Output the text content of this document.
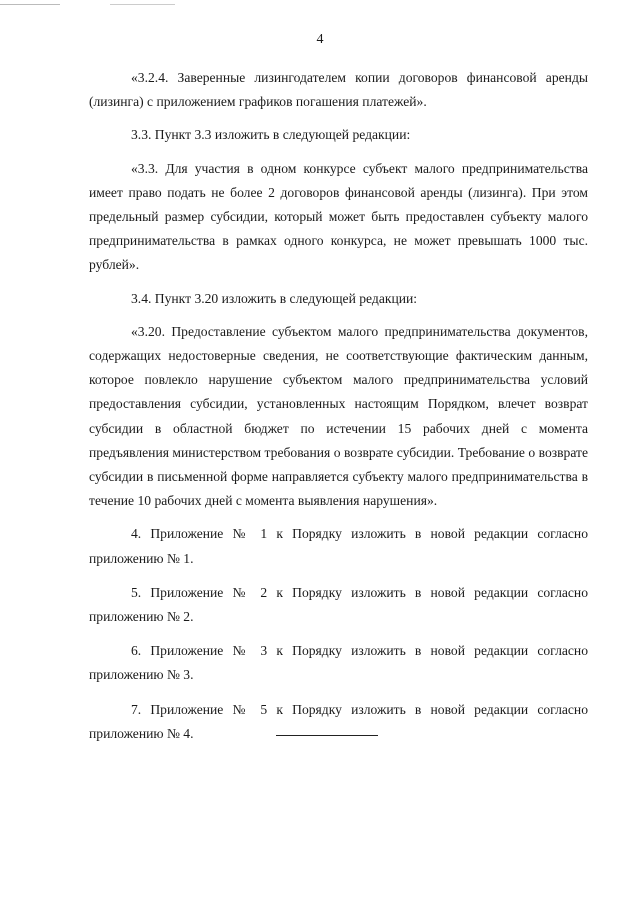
4

«3.2.4. Заверенные лизингодателем копии договоров финансовой аренды (лизинга) с приложением графиков погашения платежей».

3.3. Пункт 3.3 изложить в следующей редакции:

«3.3. Для участия в одном конкурсе субъект малого предпринимательства имеет право подать не более 2 договоров финансовой аренды (лизинга). При этом предельный размер субсидии, который может быть предоставлен субъекту малого предпринимательства в рамках одного конкурса, не может превышать 1000 тыс. рублей».

3.4. Пункт 3.20 изложить в следующей редакции:

«3.20. Предоставление субъектом малого предпринимательства документов, содержащих недостоверные сведения, не соответствующие фактическим данным, которое повлекло нарушение субъектом малого предпринимательства условий предоставления субсидии, установленных настоящим Порядком, влечет возврат субсидии в областной бюджет по истечении 15 рабочих дней с момента предъявления министерством требования о возврате субсидии. Требование о возврате субсидии в письменной форме направляется субъекту малого предпринимательства в течение 10 рабочих дней с момента выявления нарушения».

4. Приложение № 1 к Порядку изложить в новой редакции согласно приложению № 1.

5. Приложение № 2 к Порядку изложить в новой редакции согласно приложению № 2.

6. Приложение № 3 к Порядку изложить в новой редакции согласно приложению № 3.

7. Приложение № 5 к Порядку изложить в новой редакции согласно приложению № 4.
